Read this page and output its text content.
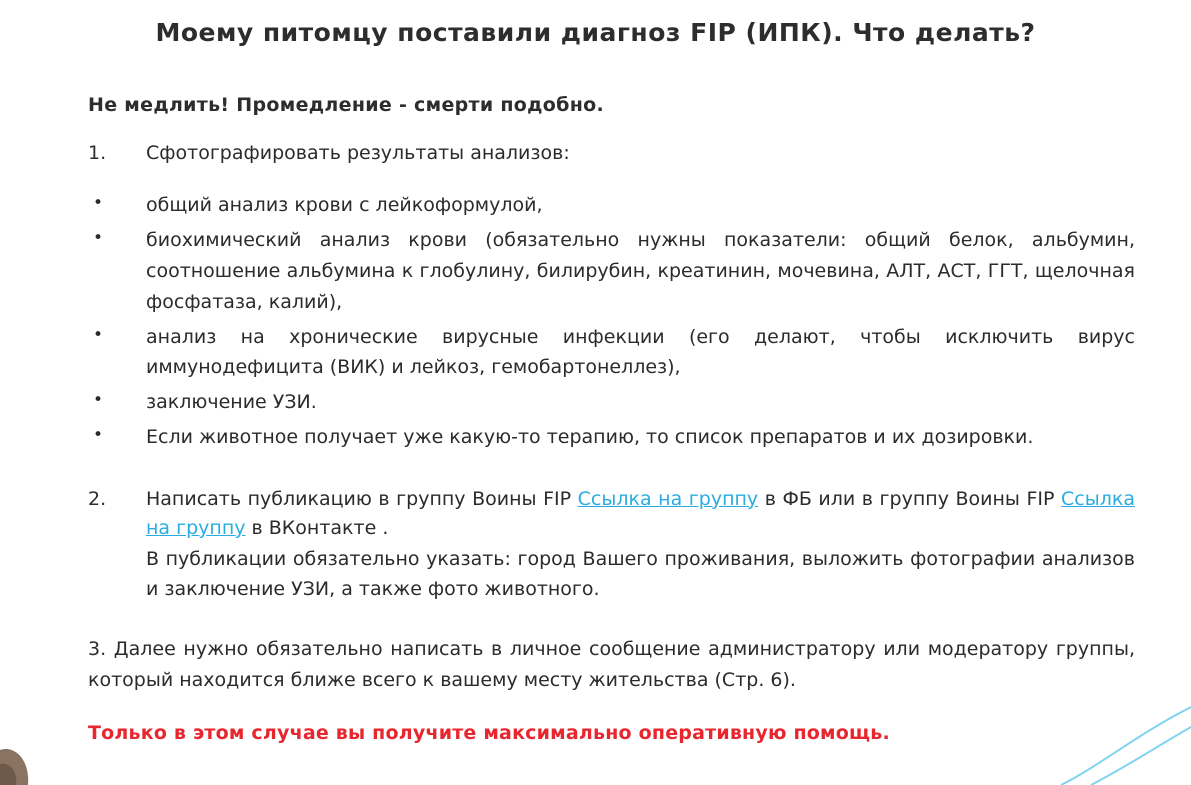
Моему питомцу поставили диагноз FIP (ИПК). Что делать?
Не медлить! Промедление - смерти подобно.
1.	Сфотографировать результаты анализов:
•	общий анализ крови с лейкоформулой,
•	биохимический анализ крови (обязательно нужны показатели: общий белок, альбумин, соотношение альбумина к глобулину, билирубин, креатинин, мочевина, АЛТ, АСТ, ГГТ, щелочная фосфатаза, калий),
•	анализ на хронические вирусные инфекции (его делают, чтобы исключить вирус иммунодефицита (ВИК) и лейкоз, гемобартонеллез),
•	заключение УЗИ.
•	Если животное получает уже какую-то терапию, то список препаратов и их дозировки.
2.	Написать публикацию в группу Воины FIP Ссылка на группу в ФБ или в группу Воины FIP Ссылка на группу в ВКонтакте .
В публикации обязательно указать: город Вашего проживания, выложить фотографии анализов и заключение УЗИ, а также фото животного.
3. Далее нужно обязательно написать в личное сообщение администратору или модератору группы, который находится ближе всего к вашему месту жительства (Стр. 6).
Только в этом случае вы получите максимально оперативную помощь.
